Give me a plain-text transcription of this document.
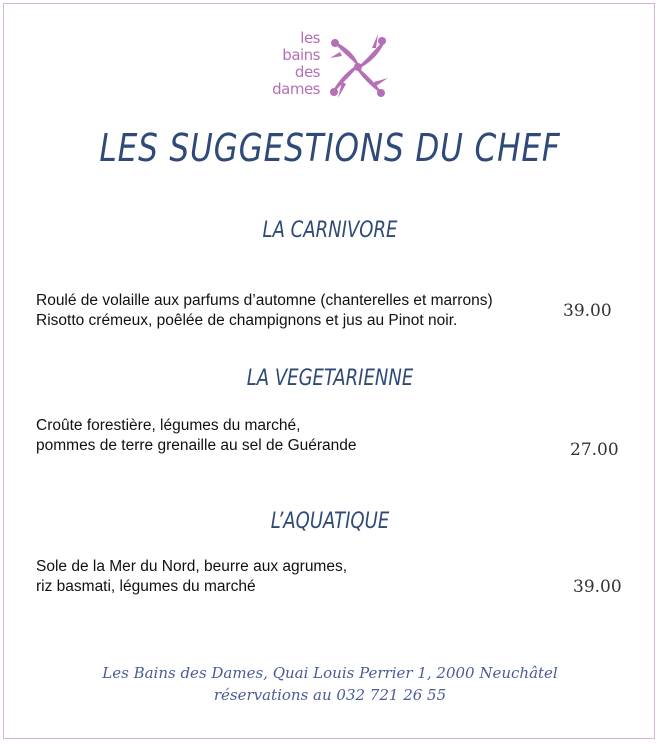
les
bains
des
dames
LES SUGGESTIONS DU CHEF
LA CARNIVORE
Roulé de volaille aux parfums d’automne (chanterelles et marrons)
Risotto crémeux, poêlée de champignons et jus au Pinot noir.	39.00
LA VEGETARIENNE
Croûte forestière, légumes du marché,
pommes de terre grenaille au sel de Guérande	27.00
L’AQUATIQUE
Sole de la Mer du Nord, beurre aux agrumes,
riz basmati, légumes du marché	39.00
Les Bains des Dames, Quai Louis Perrier 1, 2000 Neuchâtel
réservations au 032 721 26 55
